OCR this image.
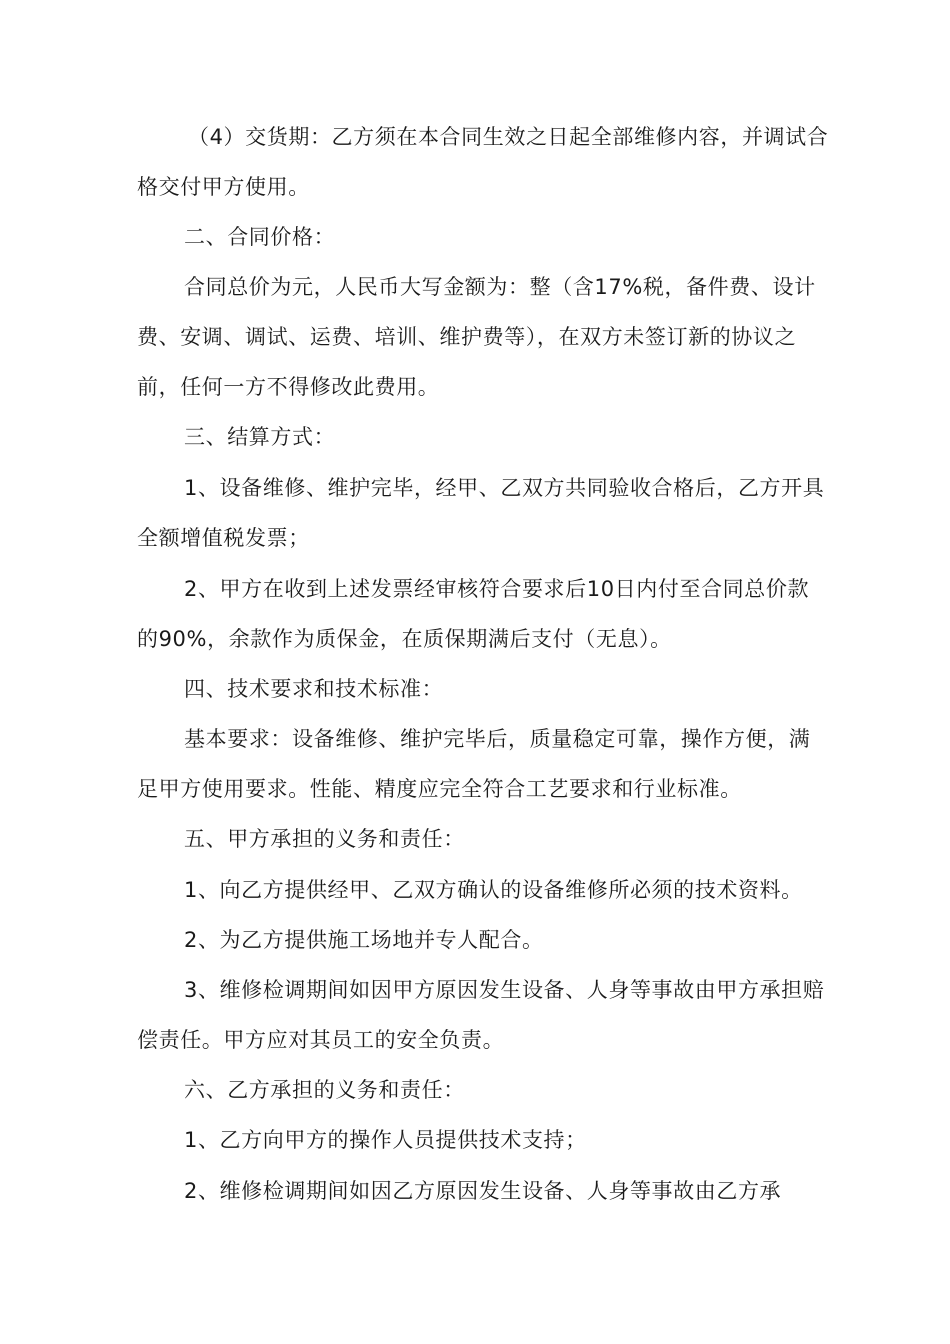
（4）交货期：乙方须在本合同生效之日起全部维修内容，并调试合
格交付甲方使用。
二、合同价格：
合同总价为元，人民币大写金额为：整（含17%税，备件费、设计
费、安调、调试、运费、培训、维护费等），在双方未签订新的协议之
前，任何一方不得修改此费用。
三、结算方式：
1、设备维修、维护完毕，经甲、乙双方共同验收合格后，乙方开具
全额增值税发票；
2、甲方在收到上述发票经审核符合要求后10日内付至合同总价款
的90%，余款作为质保金，在质保期满后支付（无息）。
四、技术要求和技术标准：
基本要求：设备维修、维护完毕后，质量稳定可靠，操作方便，满
足甲方使用要求。性能、精度应完全符合工艺要求和行业标准。
五、甲方承担的义务和责任：
1、向乙方提供经甲、乙双方确认的设备维修所必须的技术资料。
2、为乙方提供施工场地并专人配合。
3、维修检调期间如因甲方原因发生设备、人身等事故由甲方承担赔
偿责任。甲方应对其员工的安全负责。
六、乙方承担的义务和责任：
1、乙方向甲方的操作人员提供技术支持；
2、维修检调期间如因乙方原因发生设备、人身等事故由乙方承
